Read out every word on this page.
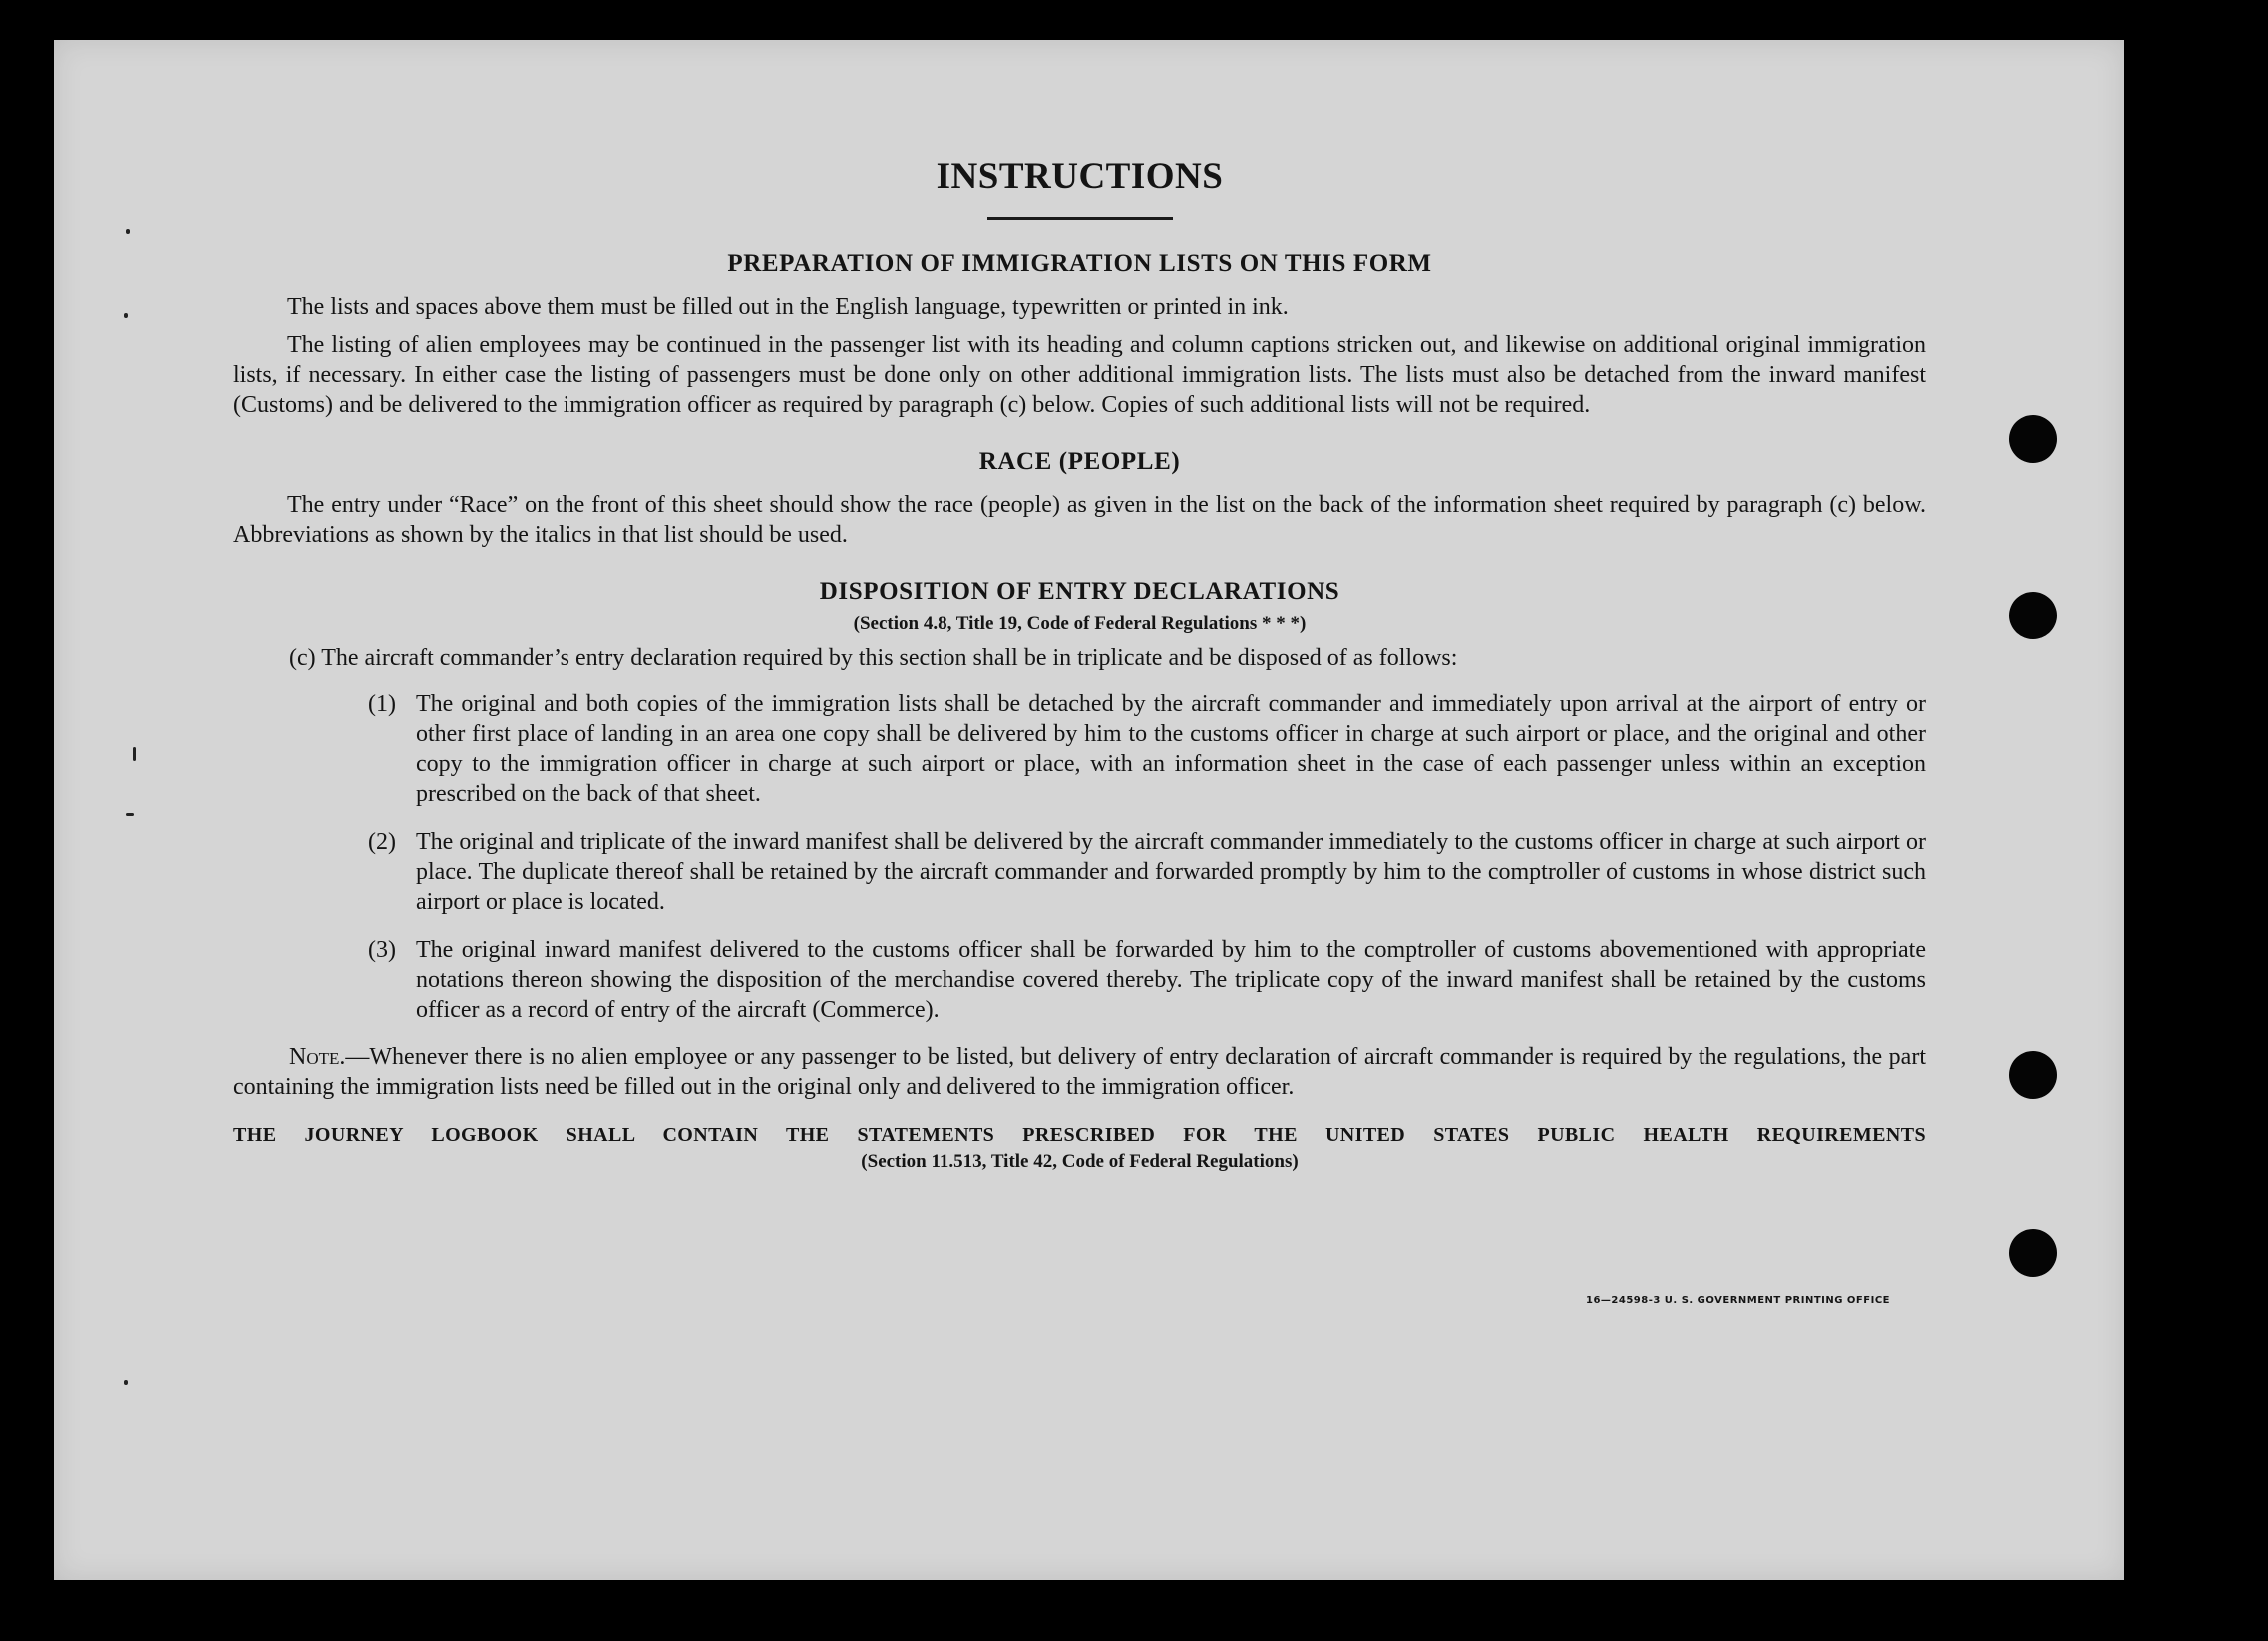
INSTRUCTIONS
PREPARATION OF IMMIGRATION LISTS ON THIS FORM

The lists and spaces above them must be filled out in the English language, typewritten or printed in ink.

The listing of alien employees may be continued in the passenger list with its heading and column captions stricken out, and likewise on additional original immigration lists, if necessary. In either case the listing of passengers must be done only on other additional immigration lists. The lists must also be detached from the inward manifest (Customs) and be delivered to the immigration officer as required by paragraph (c) below. Copies of such additional lists will not be required.

RACE (PEOPLE)

The entry under “Race” on the front of this sheet should show the race (people) as given in the list on the back of the information sheet required by paragraph (c) below. Abbreviations as shown by the italics in that list should be used.

DISPOSITION OF ENTRY DECLARATIONS
(Section 4.8, Title 19, Code of Federal Regulations * * *)
(c) The aircraft commander’s entry declaration required by this section shall be in triplicate and be disposed of as follows:
(1) The original and both copies of the immigration lists shall be detached by the aircraft commander and immediately upon arrival at the airport of entry or other first place of landing in an area one copy shall be delivered by him to the customs officer in charge at such airport or place, and the original and other copy to the immigration officer in charge at such airport or place, with an information sheet in the case of each passenger unless within an exception prescribed on the back of that sheet.
(2) The original and triplicate of the inward manifest shall be delivered by the aircraft commander immediately to the customs officer in charge at such airport or place. The duplicate thereof shall be retained by the aircraft commander and forwarded promptly by him to the comptroller of customs in whose district such airport or place is located.
(3) The original inward manifest delivered to the customs officer shall be forwarded by him to the comptroller of customs abovementioned with appropriate notations thereon showing the disposition of the merchandise covered thereby. The triplicate copy of the inward manifest shall be retained by the customs officer as a record of entry of the aircraft (Commerce).
Note.—Whenever there is no alien employee or any passenger to be listed, but delivery of entry declaration of aircraft commander is required by the regulations, the part containing the immigration lists need be filled out in the original only and delivered to the immigration officer.
THE JOURNEY LOGBOOK SHALL CONTAIN THE STATEMENTS PRESCRIBED FOR THE UNITED STATES PUBLIC HEALTH REQUIREMENTS
(Section 11.513, Title 42, Code of Federal Regulations)
16—24598-3 U. S. GOVERNMENT PRINTING OFFICE
